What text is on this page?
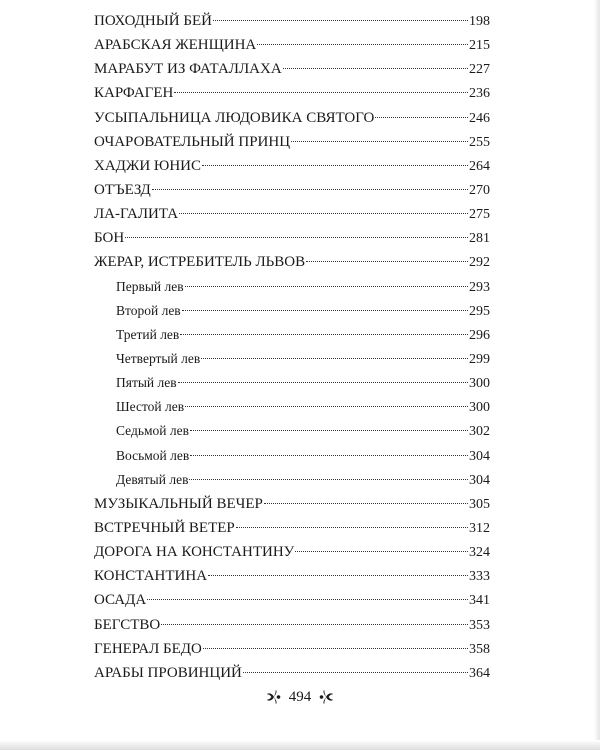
ПОХОДНЫЙ БЕЙ	198
АРАБСКАЯ ЖЕНЩИНА	215
МАРАБУТ ИЗ ФАТАЛЛАХА	227
КАРФАГЕН	236
УСЫПАЛЬНИЦА ЛЮДОВИКА СВЯТОГО	246
ОЧАРОВАТЕЛЬНЫЙ ПРИНЦ	255
ХАДЖИ ЮНИС	264
ОТЪЕЗД	270
ЛА-ГАЛИТА	275
БОН	281
ЖЕРАР, ИСТРЕБИТЕЛЬ ЛЬВОВ	292
Первый лев	293
Второй лев	295
Третий лев	296
Четвертый лев	299
Пятый лев	300
Шестой лев	300
Седьмой лев	302
Восьмой лев	304
Девятый лев	304
МУЗЫКАЛЬНЫЙ ВЕЧЕР	305
ВСТРЕЧНЫЙ ВЕТЕР	312
ДОРОГА НА КОНСТАНТИНУ	324
КОНСТАНТИНА	333
ОСАДА	341
БЕГСТВО	353
ГЕНЕРАЛ БЕДО	358
АРАБЫ ПРОВИНЦИЙ	364
494
